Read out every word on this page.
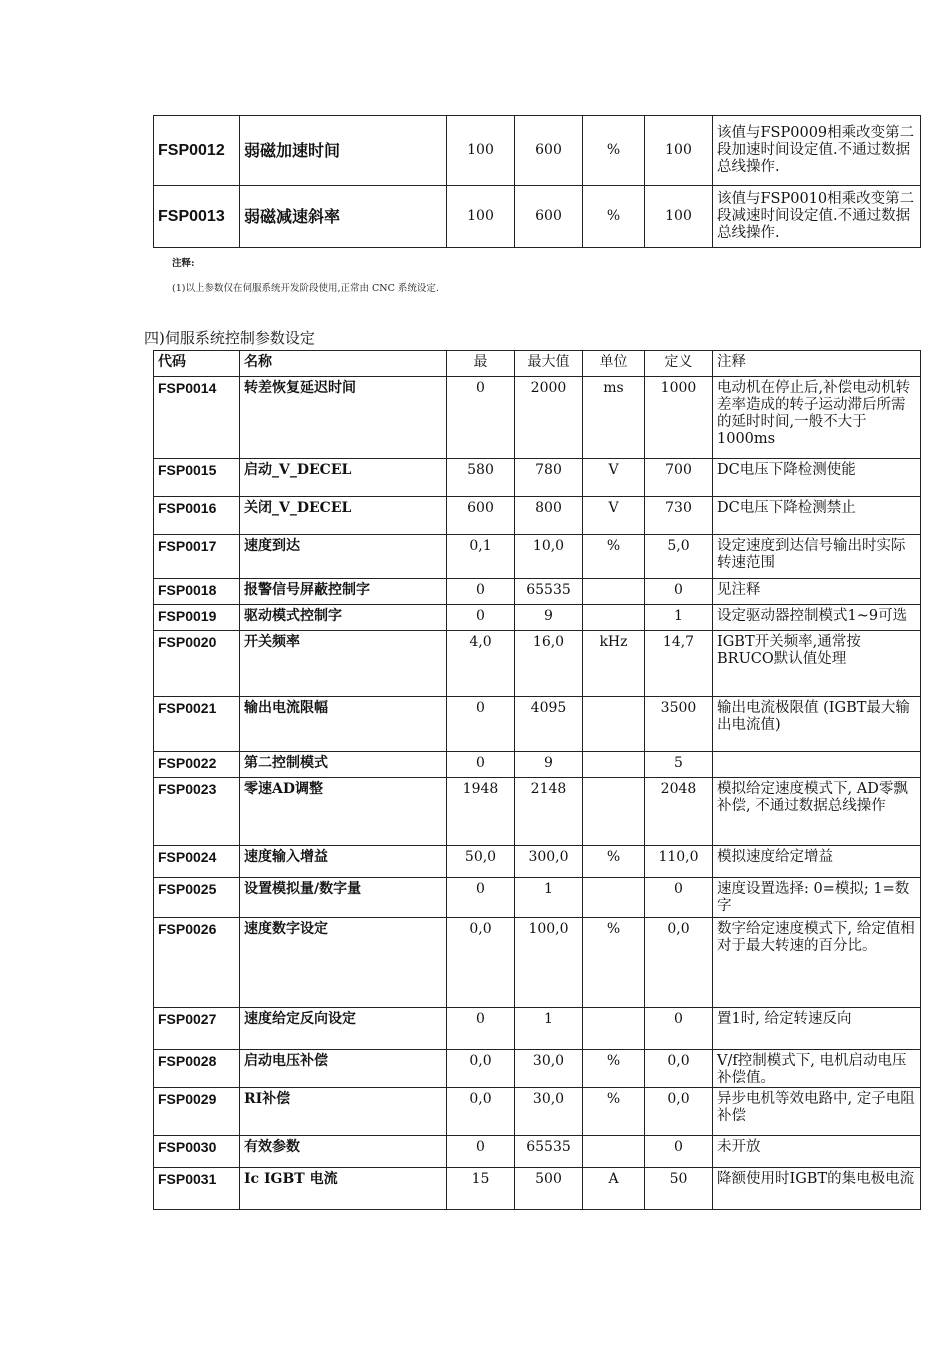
FSP0012	弱磁加速时间	100	600	%	100	该值与FSP0009相乘改变第二段加速时间设定值.不通过数据总线操作.
FSP0013	弱磁减速斜率	100	600	%	100	该值与FSP0010相乘改变第二段减速时间设定值.不通过数据总线操作.
注释:
(1)以上参数仅在伺服系统开发阶段使用,正常由 CNC 系统设定.
四)伺服系统控制参数设定
代码	名称	最	最大值	单位	定义	注释
FSP0014	转差恢复延迟时间	0	2000	ms	1000	电动机在停止后,补偿电动机转差率造成的转子运动滞后所需的延时时间,一般不大于1000ms
FSP0015	启动_V_DECEL	580	780	V	700	DC电压下降检测使能
FSP0016	关闭_V_DECEL	600	800	V	730	DC电压下降检测禁止
FSP0017	速度到达	0,1	10,0	%	5,0	设定速度到达信号输出时实际转速范围
FSP0018	报警信号屏蔽控制字	0	65535		0	见注释
FSP0019	驱动模式控制字	0	9		1	设定驱动器控制模式1~9可选
FSP0020	开关频率	4,0	16,0	kHz	14,7	IGBT开关频率,通常按BRUCO默认值处理
FSP0021	输出电流限幅	0	4095		3500	输出电流极限值 (IGBT最大输出电流值)
FSP0022	第二控制模式	0	9		5	
FSP0023	零速AD调整	1948	2148		2048	模拟给定速度模式下, AD零飘补偿, 不通过数据总线操作
FSP0024	速度输入增益	50,0	300,0	%	110,0	模拟速度给定增益
FSP0025	设置模拟量/数字量	0	1		0	速度设置选择: 0=模拟; 1=数字
FSP0026	速度数字设定	0,0	100,0	%	0,0	数字给定速度模式下, 给定值相对于最大转速的百分比。
FSP0027	速度给定反向设定	0	1		0	置1时, 给定转速反向
FSP0028	启动电压补偿	0,0	30,0	%	0,0	V/f控制模式下, 电机启动电压补偿值。
FSP0029	RI补偿	0,0	30,0	%	0,0	异步电机等效电路中, 定子电阻补偿
FSP0030	有效参数	0	65535		0	未开放
FSP0031	Ic IGBT 电流	15	500	A	50	降额使用时IGBT的集电极电流
